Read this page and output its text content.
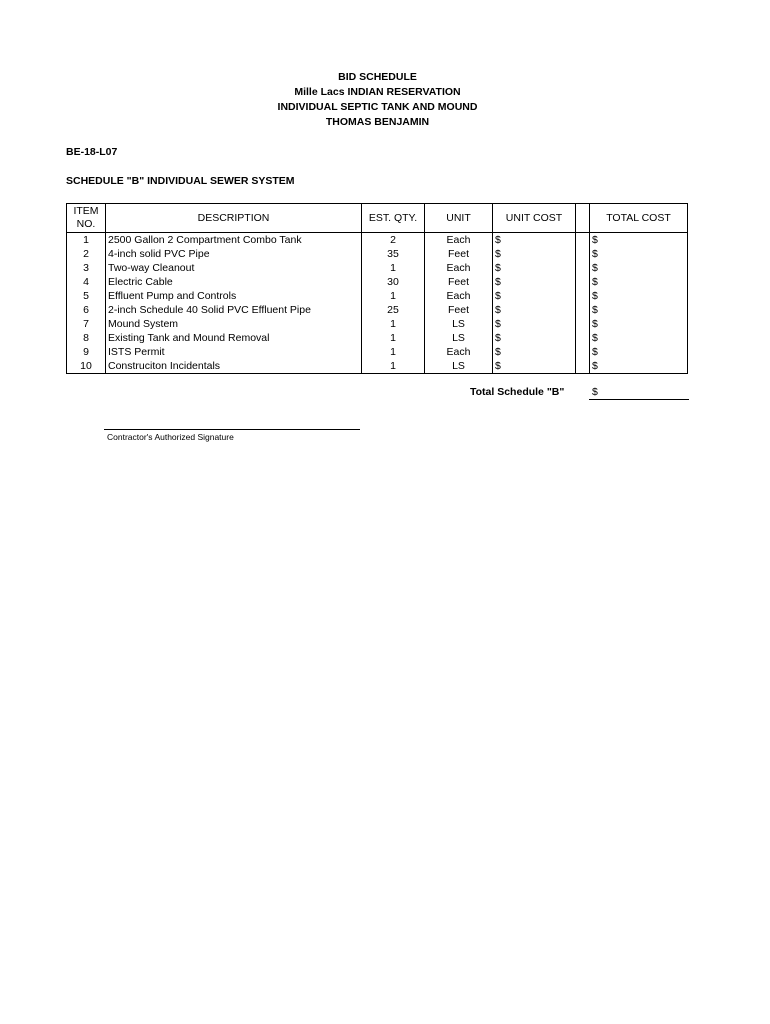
BID SCHEDULE
Mille Lacs INDIAN RESERVATION
INDIVIDUAL SEPTIC TANK AND MOUND
THOMAS BENJAMIN
BE-18-L07
SCHEDULE "B" INDIVIDUAL SEWER SYSTEM
ITEM
NO.	DESCRIPTION	EST. QTY.	UNIT	UNIT COST		TOTAL COST
1	2500 Gallon 2 Compartment Combo Tank	2	Each	$		$
2	4-inch solid PVC Pipe	35	Feet	$		$
3	Two-way Cleanout	1	Each	$		$
4	Electric Cable	30	Feet	$		$
5	Effluent Pump and Controls	1	Each	$		$
6	2-inch Schedule 40 Solid PVC Effluent Pipe	25	Feet	$		$
7	Mound System	1	LS	$		$
8	Existing Tank and Mound Removal	1	LS	$		$
9	ISTS Permit	1	Each	$		$
10	Construciton Incidentals	1	LS	$		$
Total Schedule "B"	$
Contractor's Authorized Signature
